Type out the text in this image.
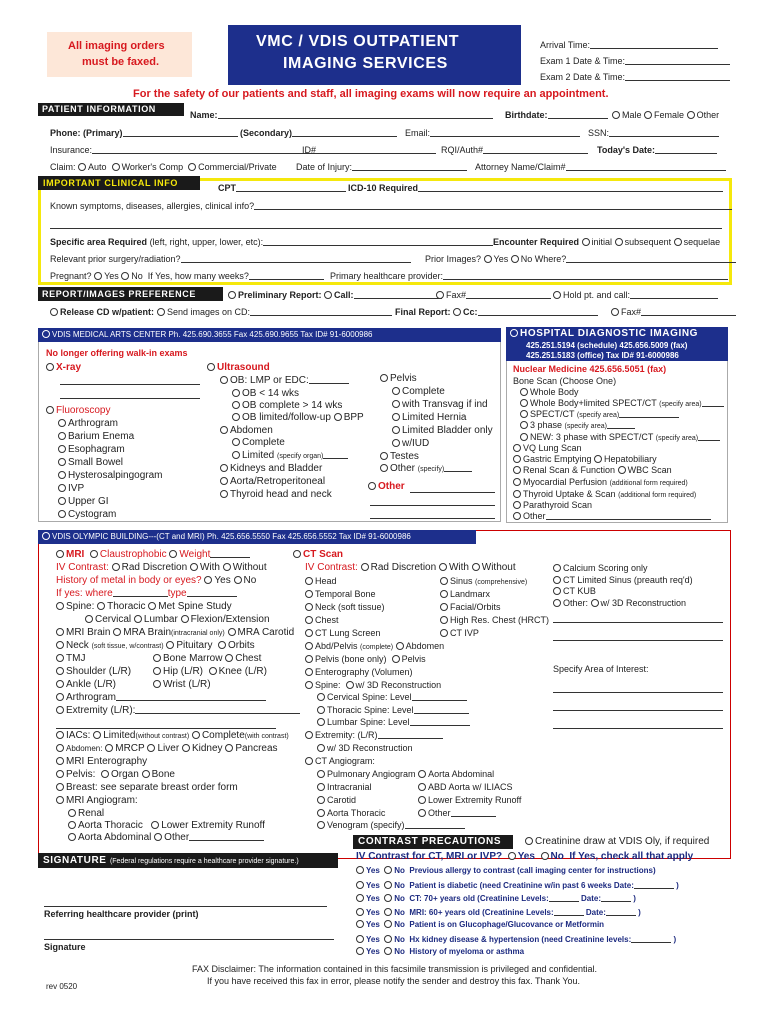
All imaging orders
must be faxed.
VMC / VDIS OUTPATIENT
IMAGING SERVICES
Arrival Time:
Exam 1 Date & Time:
Exam 2 Date & Time:
For the safety of our patients and staff, all imaging exams will now require an appointment.
PATIENT INFORMATION
Name:	Birthdate:	Male Female Other
Phone: (Primary)	(Secondary)	Email:	SSN:
Insurance:	ID#	RQI/Auth#	Today's Date:
Claim: Auto Worker's Comp Commercial/Private Date of Injury:	Attorney Name/Claim#
IMPORTANT CLINICAL INFO	CPT	ICD-10 Required
Known symptoms, diseases, allergies, clinical info?
Specific area Required (left, right, upper, lower, etc):	Encounter Required initial subsequent sequelae
Relevant prior surgery/radiation?	Prior Images? Yes No Where?
Pregnant? Yes No If Yes, how many weeks?	Primary healthcare provider:
REPORT/IMAGES PREFERENCE	Preliminary Report: Call:	Fax#	Hold pt. and call:
Release CD w/patient:	Send images on CD:	Final Report: Cc:	Fax#
VDIS MEDICAL ARTS CENTER Ph. 425.690.3655 Fax 425.690.9655 Tax ID# 91-6000986
No longer offering walk-in exams
X-ray
Fluoroscopy
Arthrogram
Barium Enema
Esophagram
Small Bowel
Hysterosalpingogram
IVP
Upper GI
Cystogram
Ultrasound
OB: LMP or EDC:
OB < 14 wks
OB complete > 14 wks
OB limited/follow-up BPP
Abdomen
Complete
Limited (specify organ)
Kidneys and Bladder
Aorta/Retroperitoneal
Thyroid head and neck
Pelvis
Complete
with Transvag if ind
Limited Hernia
Limited Bladder only
w/IUD
Testes
Other (specify)
Other
HOSPITAL DIAGNOSTIC IMAGING
425.251.5194 (schedule) 425.656.5009 (fax)
425.251.5183 (office) Tax ID# 91-6000986
Nuclear Medicine 425.656.5051 (fax)
Bone Scan (Choose One)
Whole Body
Whole Body+limited SPECT/CT (specify area)
SPECT/CT (specify area)
3 phase (specify area)
NEW: 3 phase with SPECT/CT (specify area)
VQ Lung Scan
Gastric Emptying Hepatobiliary
Renal Scan & Function WBC Scan
Myocardial Perfusion (additional form required)
Thyroid Uptake & Scan (additional form required)
Parathyroid Scan
Other
VDIS OLYMPIC BUILDING---(CT and MRI) Ph. 425.656.5550 Fax 425.656.5552 Tax ID# 91-6000986
MRI Claustrophobic Weight
IV Contrast: Rad Discretion With Without
History of metal in body or eyes? Yes No
If yes: where	type
Spine: Thoracic Met Spine Study
Cervical Lumbar Flexion/Extension
MRI Brain MRA Brain(intracranial only) MRA Carotid
Neck (soft tissue, w/contrast) Pituitary Orbits
TMJ	Bone Marrow Chest
Shoulder (L/R)	Hip (L/R) Knee (L/R)
Ankle (L/R)	Wrist (L/R)
Arthrogram
Extremity (L/R):
IACs: Limited(without contrast) Complete(with contrast)
Abdomen: MRCP Liver Kidney Pancreas
MRI Enterography
Pelvis: Organ Bone
Breast: see separate breast order form
MRI Angiogram:
Renal
Aorta Thoracic Lower Extremity Runoff
Aorta Abdominal Other
CT Scan
IV Contrast: Rad Discretion With Without
Head	Sinus (comprehensive)
Temporal Bone	Landmarx
Neck (soft tissue)	Facial/Orbits
Chest	High Res. Chest (HRCT)
CT Lung Screen	CT IVP
Abd/Pelvis (complete) Abdomen
Pelvis (bone only) Pelvis
Enterography (Volumen)
Spine: w/ 3D Reconstruction
Cervical Spine: Level
Thoracic Spine: Level
Lumbar Spine: Level
Extremity: (L/R)
w/ 3D Reconstruction
CT Angiogram:
Pulmonary Angiogram Aorta Abdominal
Intracranial	ABD Aorta w/ ILIACS
Carotid	Lower Extremity Runoff
Aorta Thoracic	Other
Venogram (specify)
Calcium Scoring only
CT Limited Sinus (preauth req'd)
CT KUB
Other: w/ 3D Reconstruction
Specify Area of Interest:
CONTRAST PRECAUTIONS	Creatinine draw at VDIS Oly, if required
IV Contrast for CT, MRI or IVP? Yes No If Yes, check all that apply
Yes No Previous allergy to contrast (call imaging center for instructions)
Yes No Patient is diabetic (need Creatinine w/in past 6 weeks Date:	)
Yes No CT: 70+ years old (Creatinine Levels:	Date:	)
Yes No MRI: 60+ years old (Creatinine Levels:	Date:	)
Yes No Patient is on Glucophage/Glucovance or Metformin
Yes No Hx kidney disease & hypertension (need Creatinine levels:	)
Yes No History of myeloma or asthma
SIGNATURE (Federal regulations require a healthcare provider signature.)
Referring healthcare provider (print)
Signature
FAX Disclaimer: The information contained in this facsimile transmission is privileged and confidential.
If you have received this fax in error, please notify the sender and destroy this fax. Thank You.
rev 0520
